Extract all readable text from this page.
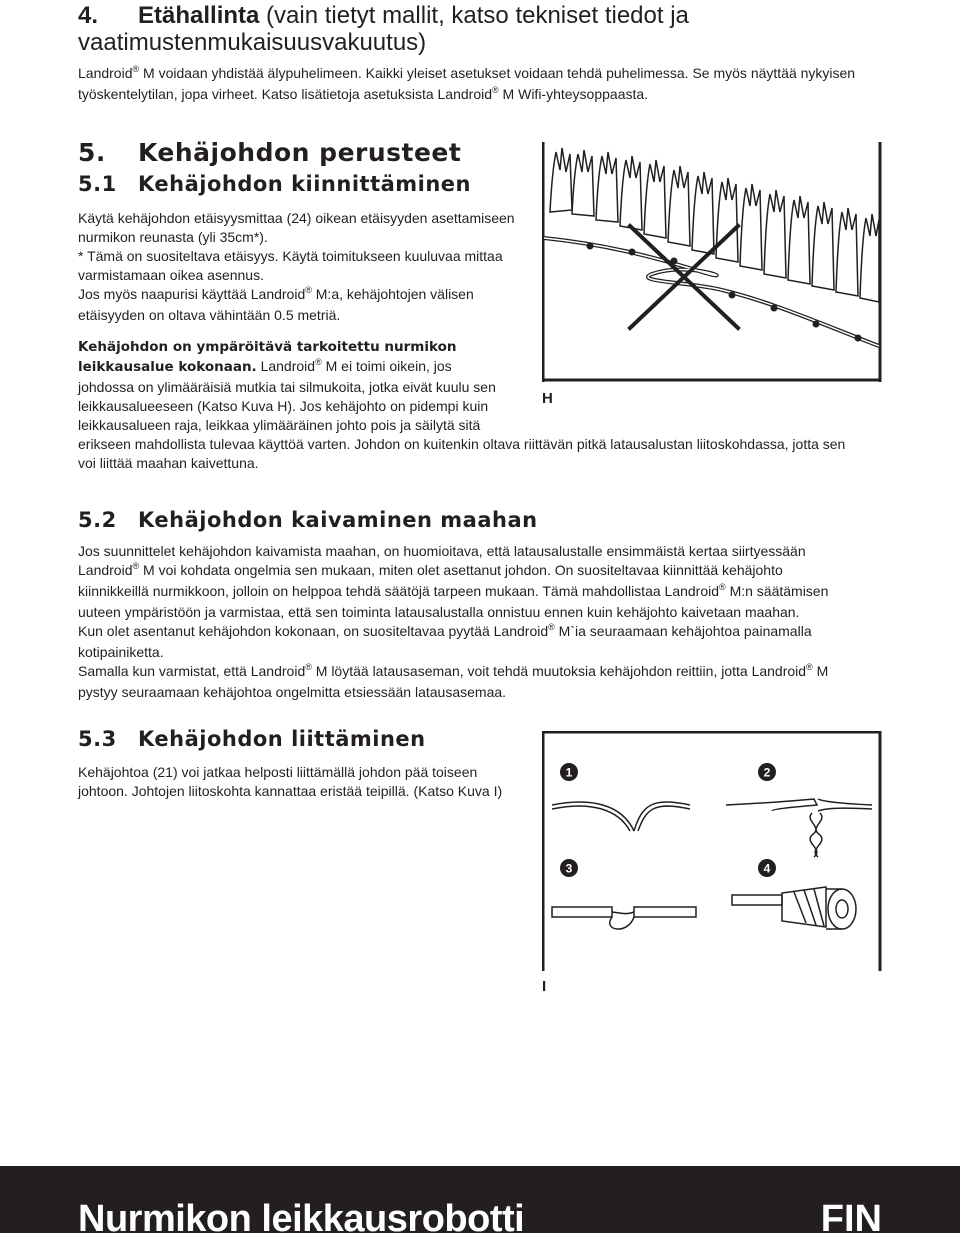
4. Etähallinta (vain tietyt mallit, katso tekniset tiedot ja vaatimustenmukaisuusvakuutus)

Landroid® M voidaan yhdistää älypuhelimeen. Kaikki yleiset asetukset voidaan tehdä puhelimessa. Se myös näyttää nykyisen työskentelytilan, jopa virheet. Katso lisätietoja asetuksista Landroid® M Wifi-yhteysoppaasta.

5. Kehäjohdon perusteet
5.1 Kehäjohdon kiinnittäminen
Käytä kehäjohdon etäisyysmittaa (24) oikean etäisyyden asettamiseen
nurmikon reunasta (yli 35cm*).
* Tämä on suositeltava etäisyys. Käytä toimitukseen kuuluvaa mittaa
varmistamaan oikea asennus.
Jos myös naapurisi käyttää Landroid® M:a, kehäjohtojen välisen
etäisyyden on oltava vähintään 0.5 metriä.
Kehäjohdon on ympäröitävä tarkoitettu nurmikon
leikkausalue kokonaan. Landroid® M ei toimi oikein, jos
johdossa on ylimääräisiä mutkia tai silmukoita, jotka eivät kuulu sen
leikkausalueeseen (Katso Kuva H). Jos kehäjohto on pidempi kuin
leikkausalueen raja, leikkaa ylimääräinen johto pois ja säilytä sitä
erikseen mahdollista tulevaa käyttöä varten. Johdon on kuitenkin oltava riittävän pitkä latausalustan liitoskohdassa, jotta sen
voi liittää maahan kaivettuna.
H
5.2 Kehäjohdon kaivaminen maahan
Jos suunnittelet kehäjohdon kaivamista maahan, on huomioitava, että latausalustalle ensimmäistä kertaa siirtyessään
Landroid® M voi kohdata ongelmia sen mukaan, miten olet asettanut johdon. On suositeltavaa kiinnittää kehäjohto
kiinnikkeillä nurmikkoon, jolloin on helppoa tehdä säätöjä tarpeen mukaan. Tämä mahdollistaa Landroid® M:n säätämisen
uuteen ympäristöön ja varmistaa, että sen toiminta latausalustalla onnistuu ennen kuin kehäjohto kaivetaan maahan.
Kun olet asentanut kehäjohdon kokonaan, on suositeltavaa pyytää Landroid® M`ia seuraamaan kehäjohtoa painamalla
kotipainiketta.
Samalla kun varmistat, että Landroid® M löytää latausaseman, voit tehdä muutoksia kehäjohdon reittiin, jotta Landroid® M
pystyy seuraamaan kehäjohtoa ongelmitta etsiessään latausasemaa.
5.3 Kehäjohdon liittäminen
Kehäjohtoa (21) voi jatkaa helposti liittämällä johdon pää toiseen
johtoon. Johtojen liitoskohta kannattaa eristää teipillä. (Katso Kuva I)
1	2
3	4
I
Nurmikon leikkausrobotti	FIN
